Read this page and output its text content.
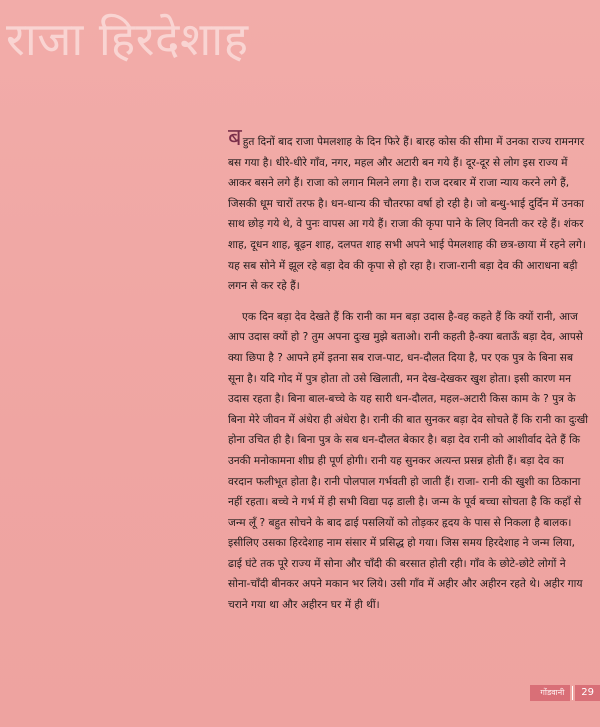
राजा हिरदेशाह

बहुत दिनों बाद राजा पेमलशाह के दिन फिरे हैं। बारह कोस की सीमा में उनका राज्य रामनगर बस गया है। धीरे-धीरे गाँव, नगर, महल और अटारी बन गये हैं। दूर-दूर से लोग इस राज्य में आकर बसने लगे हैं। राजा को लगान मिलने लगा है। राज दरबार में राजा न्याय करने लगे हैं, जिसकी धूम चारों तरफ है। धन-धान्य की चौतरफा वर्षा हो रही है। जो बन्धु-भाई दुर्दिन में उनका साथ छोड़ गये थे, वे पुनः वापस आ गये हैं। राजा की कृपा पाने के लिए विनती कर रहे हैं। शंकर शाह, दूधन शाह, बूढ़न शाह, दलपत शाह सभी अपने भाई पेमलशाह की छत्र-छाया में रहने लगे। यह सब सोने में झूल रहे बड़ा देव की कृपा से हो रहा है। राजा-रानी बड़ा देव की आराधना बड़ी लगन से कर रहे हैं।

एक दिन बड़ा देव देखते हैं कि रानी का मन बड़ा उदास है-वह कहते हैं कि क्यों रानी, आज आप उदास क्यों हो ? तुम अपना दुःख मुझे बताओ। रानी कहती है-क्या बताऊँ बड़ा देव, आपसे क्या छिपा है ? आपने हमें इतना सब राज-पाट, धन-दौलत दिया है, पर एक पुत्र के बिना सब सूना है। यदि गोद में पुत्र होता तो उसे खिलाती, मन देख-देखकर खुश होता। इसी कारण मन उदास रहता है। बिना बाल-बच्चे के यह सारी धन-दौलत, महल-अटारी किस काम के ? पुत्र के बिना मेरे जीवन में अंधेरा ही अंधेरा है। रानी की बात सुनकर बड़ा देव सोचते हैं कि रानी का दुःखी होना उचित ही है। बिना पुत्र के सब धन-दौलत बेकार है। बड़ा देव रानी को आशीर्वाद देते हैं कि उनकी मनोकामना शीघ्र ही पूर्ण होगी। रानी यह सुनकर अत्यन्त प्रसन्न होती हैं। बड़ा देव का वरदान फलीभूत होता है। रानी पोलपाल गर्भवती हो जाती हैं। राजा- रानी की खुशी का ठिकाना नहीं रहता। बच्चे ने गर्भ में ही सभी विद्या पढ़ डाली है। जन्म के पूर्व बच्चा सोचता है कि कहाँ से जन्म लूँ ? बहुत सोचने के बाद ढाई पसलियों को तोड़कर हृदय के पास से निकला है बालक। इसीलिए उसका हिरदेशाह नाम संसार में प्रसिद्ध हो गया। जिस समय हिरदेशाह ने जन्म लिया, ढाई घंटे तक पूरे राज्य में सोना और चाँदी की बरसात होती रही। गाँव के छोटे-छोटे लोगों ने सोना-चाँदी बीनकर अपने मकान भर लिये। उसी गाँव में अहीर और अहीरन रहते थे। अहीर गाय चराने गया था और अहीरन घर में ही थीं।

गोंडवानी	29
